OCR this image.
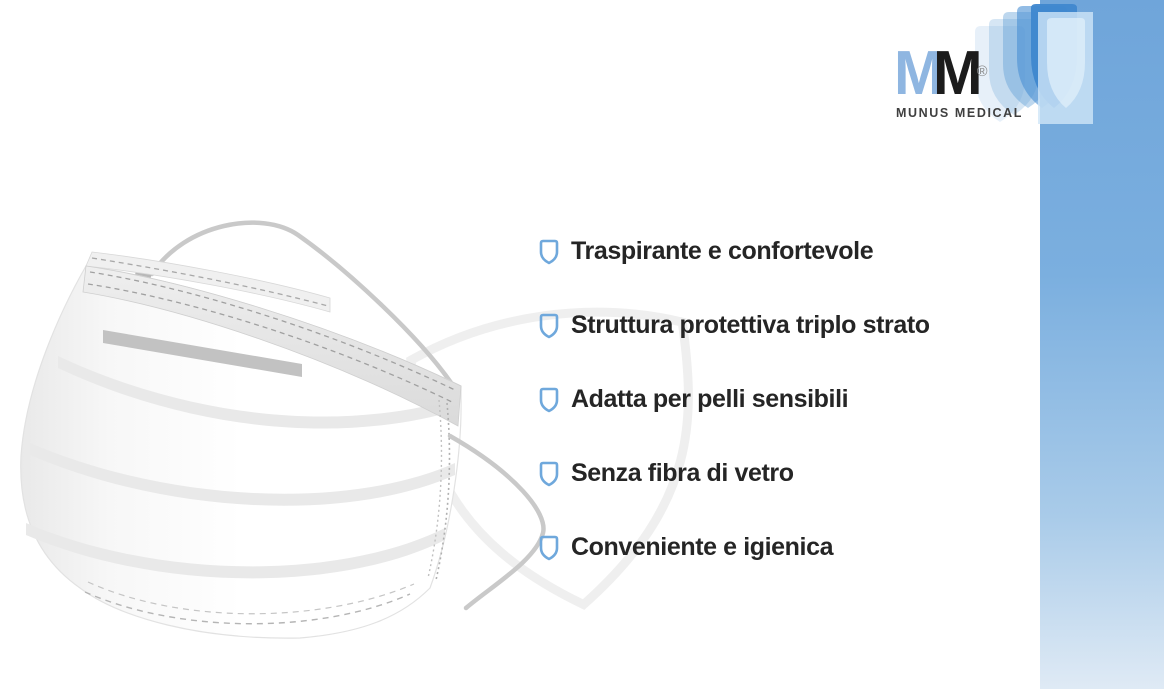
MM®
MUNUS MEDICAL
Traspirante e confortevole
Struttura protettiva triplo strato
Adatta per pelli sensibili
Senza fibra di vetro
Conveniente e igienica
